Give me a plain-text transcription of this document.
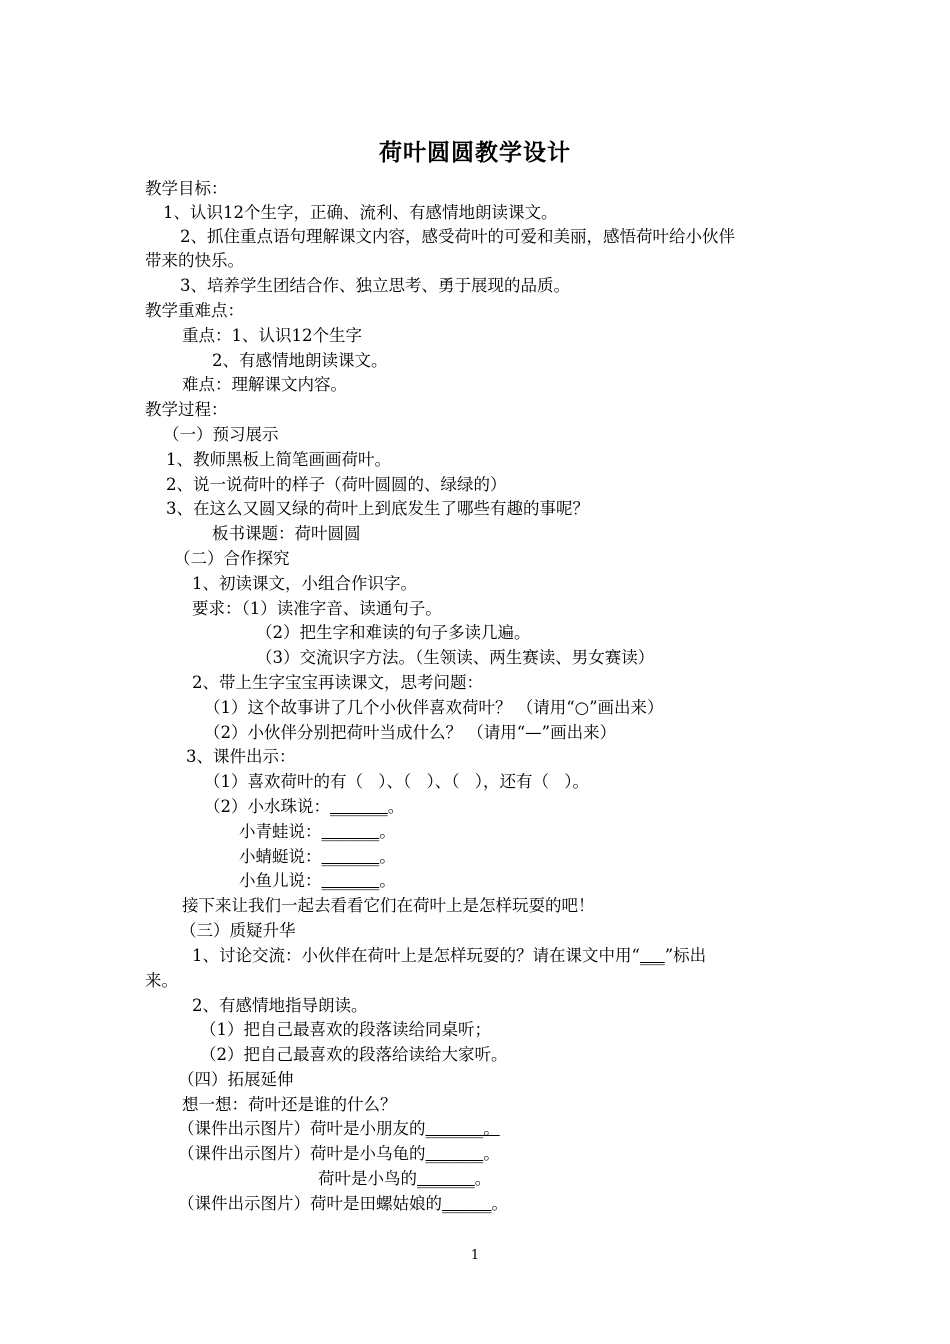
荷叶圆圆教学设计
教学目标：
1、认识12个生字，正确、流利、有感情地朗读课文。
2、抓住重点语句理解课文内容，感受荷叶的可爱和美丽，感悟荷叶给小伙伴
带来的快乐。
3、培养学生团结合作、独立思考、勇于展现的品质。
教学重难点：
重点：1、认识12个生字
2、有感情地朗读课文。
难点：理解课文内容。
教学过程：
（一）预习展示
1、教师黑板上简笔画画荷叶。
2、说一说荷叶的样子（荷叶圆圆的、绿绿的）
3、在这么又圆又绿的荷叶上到底发生了哪些有趣的事呢？
板书课题：荷叶圆圆
（二）合作探究
1、初读课文，小组合作识字。
要求：（1）读准字音、读通句子。
（2）把生字和难读的句子多读几遍。
（3）交流识字方法。（生领读、两生赛读、男女赛读）
2、带上生字宝宝再读课文，思考问题：
（1）这个故事讲了几个小伙伴喜欢荷叶？ （请用“○”画出来）
（2）小伙伴分别把荷叶当成什么？ （请用“—”画出来）
3、课件出示：
（1）喜欢荷叶的有（ ）、（ ）、（ ），还有（ ）。
（2）小水珠说：_______。
小青蛙说：_______。
小蜻蜓说：_______。
小鱼儿说：_______。
接下来让我们一起去看看它们在荷叶上是怎样玩耍的吧！
（三）质疑升华
1、讨论交流：小伙伴在荷叶上是怎样玩耍的？请在课文中用“___”标出
来。
2、有感情地指导朗读。
（1）把自己最喜欢的段落读给同桌听；
（2）把自己最喜欢的段落给读给大家听。
（四）拓展延伸
想一想：荷叶还是谁的什么？
（课件出示图片）荷叶是小朋友的_______。
（课件出示图片）荷叶是小乌龟的_______。
荷叶是小鸟的_______。
（课件出示图片）荷叶是田螺姑娘的______。
1
